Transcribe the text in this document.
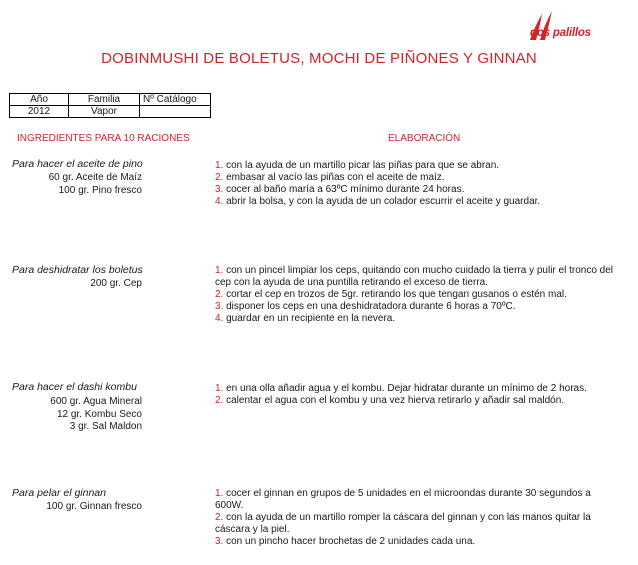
dos palillos
DOBINMUSHI DE BOLETUS, MOCHI DE PIÑONES Y GINNAN
Año	Familia	Nº Catálogo
2012	Vapor	
INGREDIENTES PARA 10 RACIONES	ELABORACIÓN
Para hacer el aceite de pino
60 gr. Aceite de Maíz
100 gr. Pino fresco
1. con la ayuda de un martillo picar las piñas para que se abran.
2. embasar al vacío las piñas con el aceite de maíz.
3. cocer al baño maría a 63ºC mínimo durante 24 horas.
4. abrir la bolsa, y con la ayuda de un colador escurrir el aceite y guardar.
Para deshidratar los boletus
200 gr. Cep
1. con un pincel limpiar los ceps, quitando con mucho cuidado la tierra y pulir el tronco del cep con la ayuda de una puntilla retirando el exceso de tierra.
2. cortar el cep en trozos de 5gr. retirando los que tengan gusanos o estén mal.
3. disponer los ceps en una deshidratadora durante 6 horas a 70ºC.
4. guardar en un recipiente en la nevera.
Para hacer el dashi kombu
600 gr. Agua Mineral
12 gr. Kombu Seco
3 gr. Sal Maldon
1. en una olla añadir agua y el kombu. Dejar hidratar durante un mínimo de 2 horas.
2. calentar el agua con el kombu y una vez hierva retirarlo y añadir sal maldón.
Para pelar el ginnan
100 gr. Ginnan fresco
1. cocer el ginnan en grupos de 5 unidades en el microondas durante 30 segundos a 600W.
2. con la ayuda de un martillo romper la cáscara del ginnan y con las manos quitar la cáscara y la piel.
3. con un pincho hacer brochetas de 2 unidades cada una.
